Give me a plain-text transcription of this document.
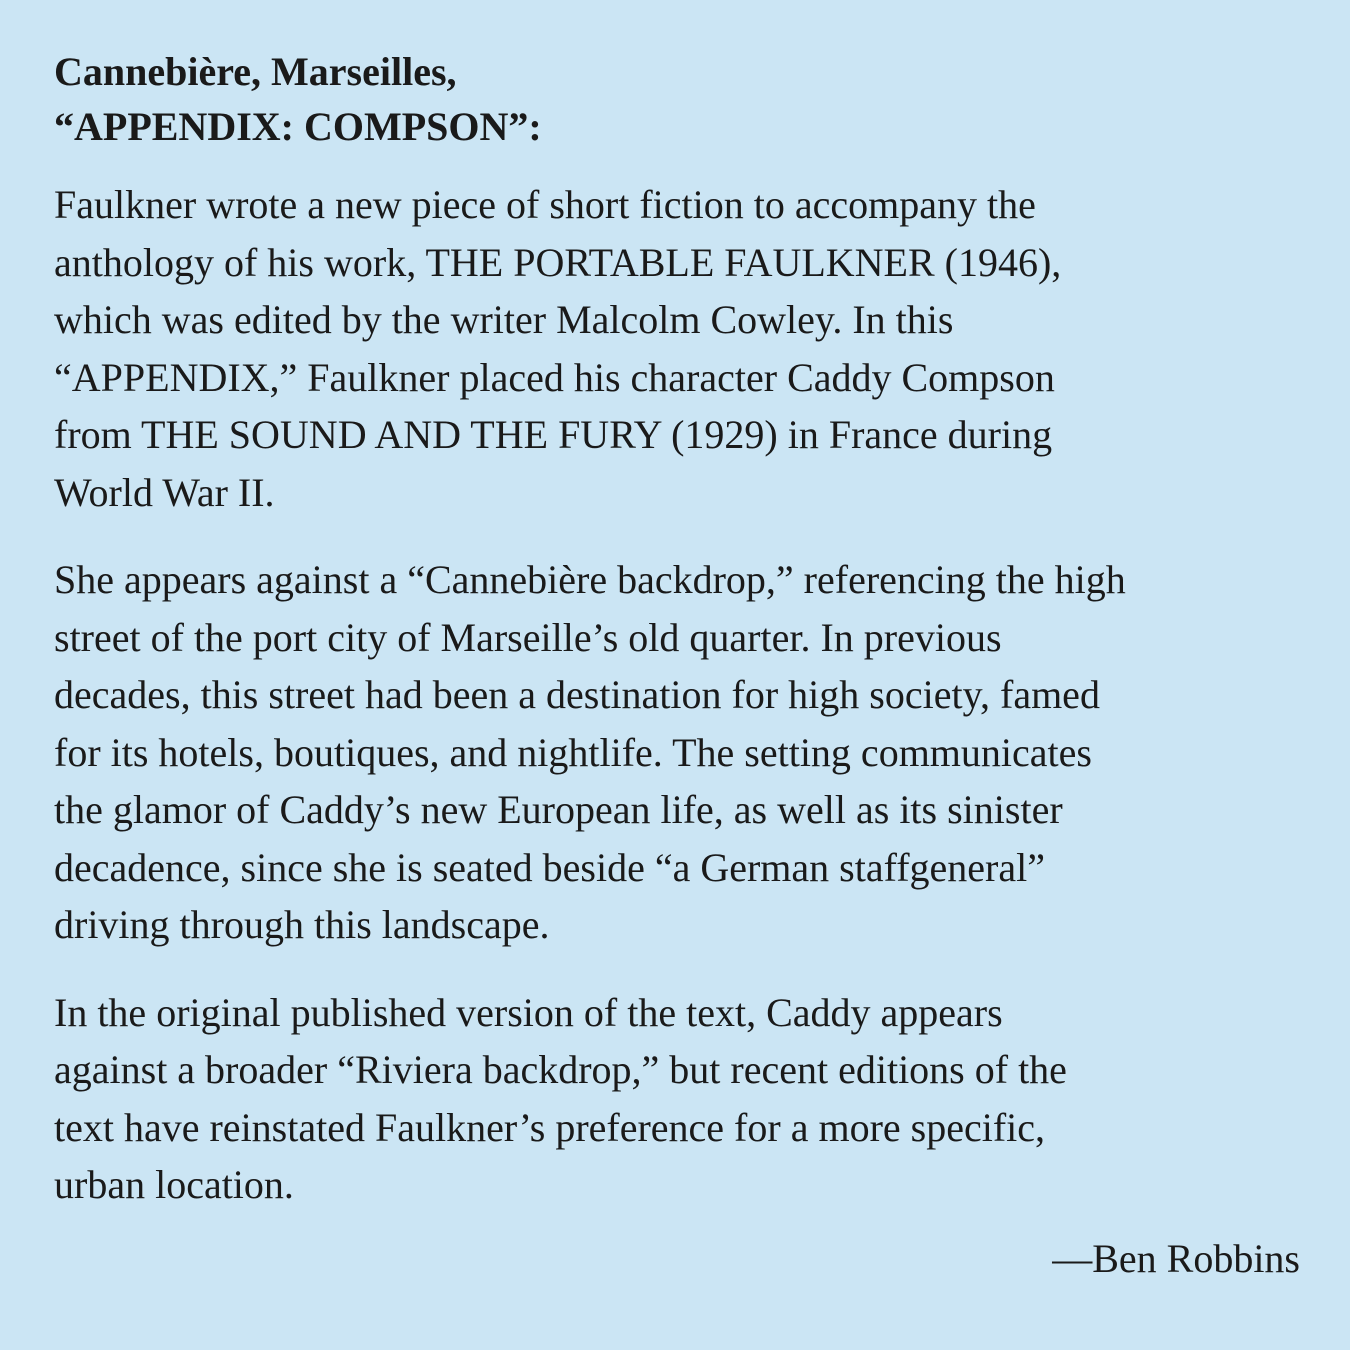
Cannebière, Marseilles,
“APPENDIX: COMPSON”:
Faulkner wrote a new piece of short fiction to accompany the
anthology of his work, THE PORTABLE FAULKNER (1946),
which was edited by the writer Malcolm Cowley. In this
“APPENDIX,” Faulkner placed his character Caddy Compson
from THE SOUND AND THE FURY (1929) in France during
World War II.
She appears against a “Cannebière backdrop,” referencing the high
street of the port city of Marseille’s old quarter. In previous
decades, this street had been a destination for high society, famed
for its hotels, boutiques, and nightlife. The setting communicates
the glamor of Caddy’s new European life, as well as its sinister
decadence, since she is seated beside “a German staffgeneral”
driving through this landscape.
In the original published version of the text, Caddy appears
against a broader “Riviera backdrop,” but recent editions of the
text have reinstated Faulkner’s preference for a more specific,
urban location.
—Ben Robbins
